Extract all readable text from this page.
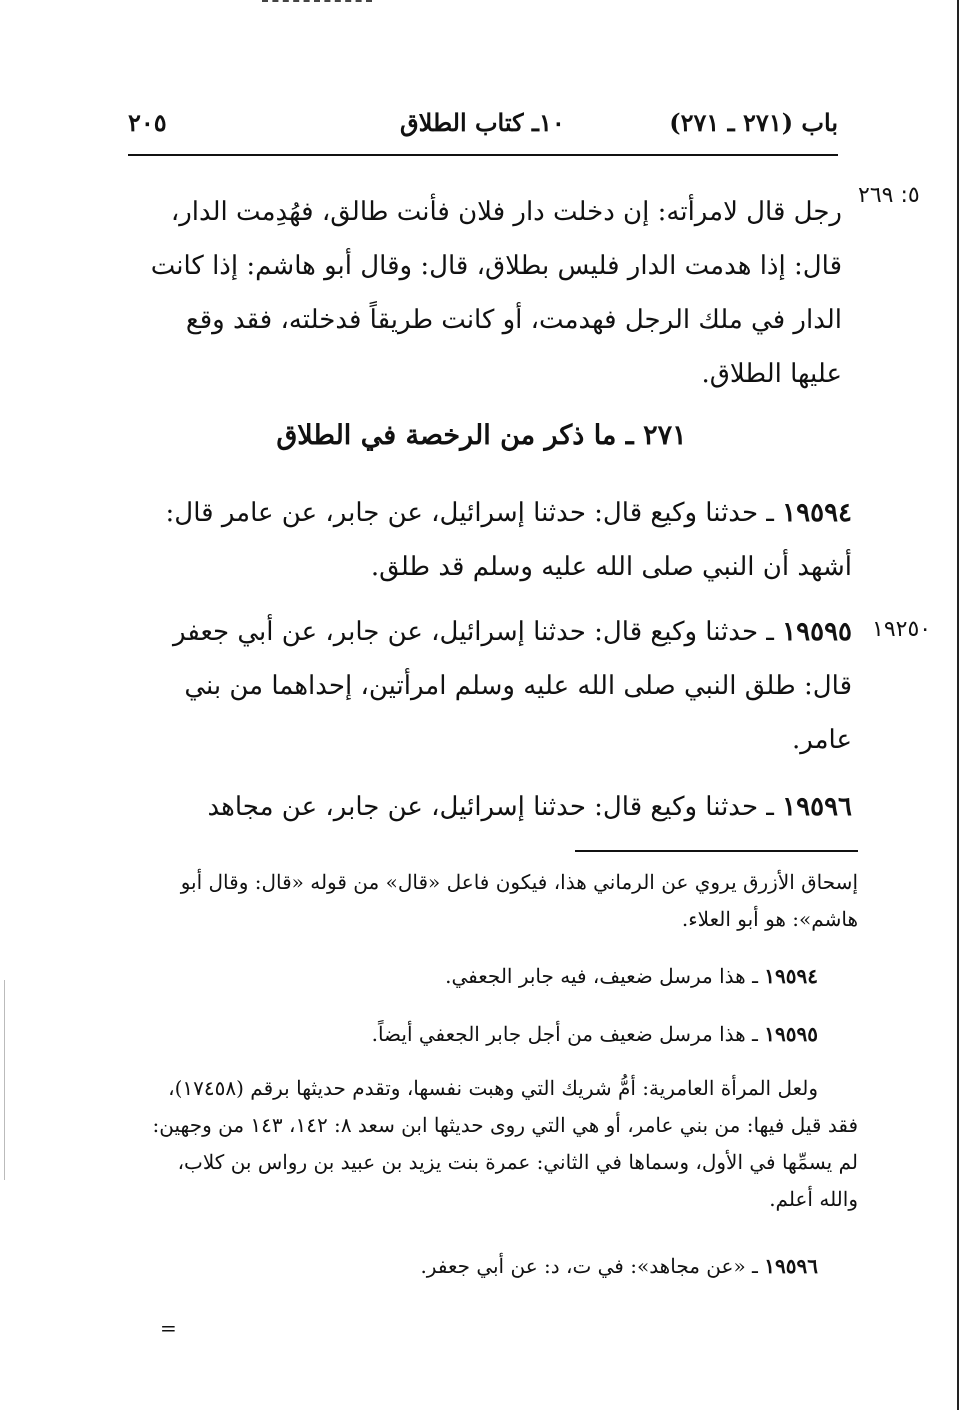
باب (٢٧١ ـ ٢٧١)
١٠ـ كتاب الطلاق
٢٠٥
٥: ٢٦٩
١٩٢٥٠
رجل قال لامرأته: إن دخلت دار فلان فأنت طالق، فهُدِمت الدار، قال: إذا هدمت الدار فليس بطلاق، قال: وقال أبو هاشم: إذا كانت الدار في ملك الرجل فهدمت، أو كانت طريقاً فدخلته، فقد وقع عليها الطلاق.
٢٧١ ـ ما ذكر من الرخصة في الطلاق
١٩٥٩٤ ـ حدثنا وكيع قال: حدثنا إسرائيل، عن جابر، عن عامر قال: أشهد أن النبي صلى الله عليه وسلم قد طلق.
١٩٥٩٥ ـ حدثنا وكيع قال: حدثنا إسرائيل، عن جابر، عن أبي جعفر قال: طلق النبي صلى الله عليه وسلم امرأتين، إحداهما من بني عامر.
١٩٥٩٦ ـ حدثنا وكيع قال: حدثنا إسرائيل، عن جابر، عن مجاهد
إسحاق الأزرق يروي عن الرماني هذا، فيكون فاعل «قال» من قوله «قال: وقال أبو هاشم»: هو أبو العلاء.
١٩٥٩٤ ـ هذا مرسل ضعيف، فيه جابر الجعفي.
١٩٥٩٥ ـ هذا مرسل ضعيف من أجل جابر الجعفي أيضاً.
ولعل المرأة العامرية: أمُّ شريك التي وهبت نفسها، وتقدم حديثها برقم (١٧٤٥٨)، فقد قيل فيها: من بني عامر، أو هي التي روى حديثها ابن سعد ٨: ١٤٢، ١٤٣ من وجهين: لم يسمِّها في الأول، وسماها في الثاني: عمرة بنت يزيد بن عبيد بن رواس بن كلاب، والله أعلم.
١٩٥٩٦ ـ «عن مجاهد»: في ت، د: عن أبي جعفر.
=
